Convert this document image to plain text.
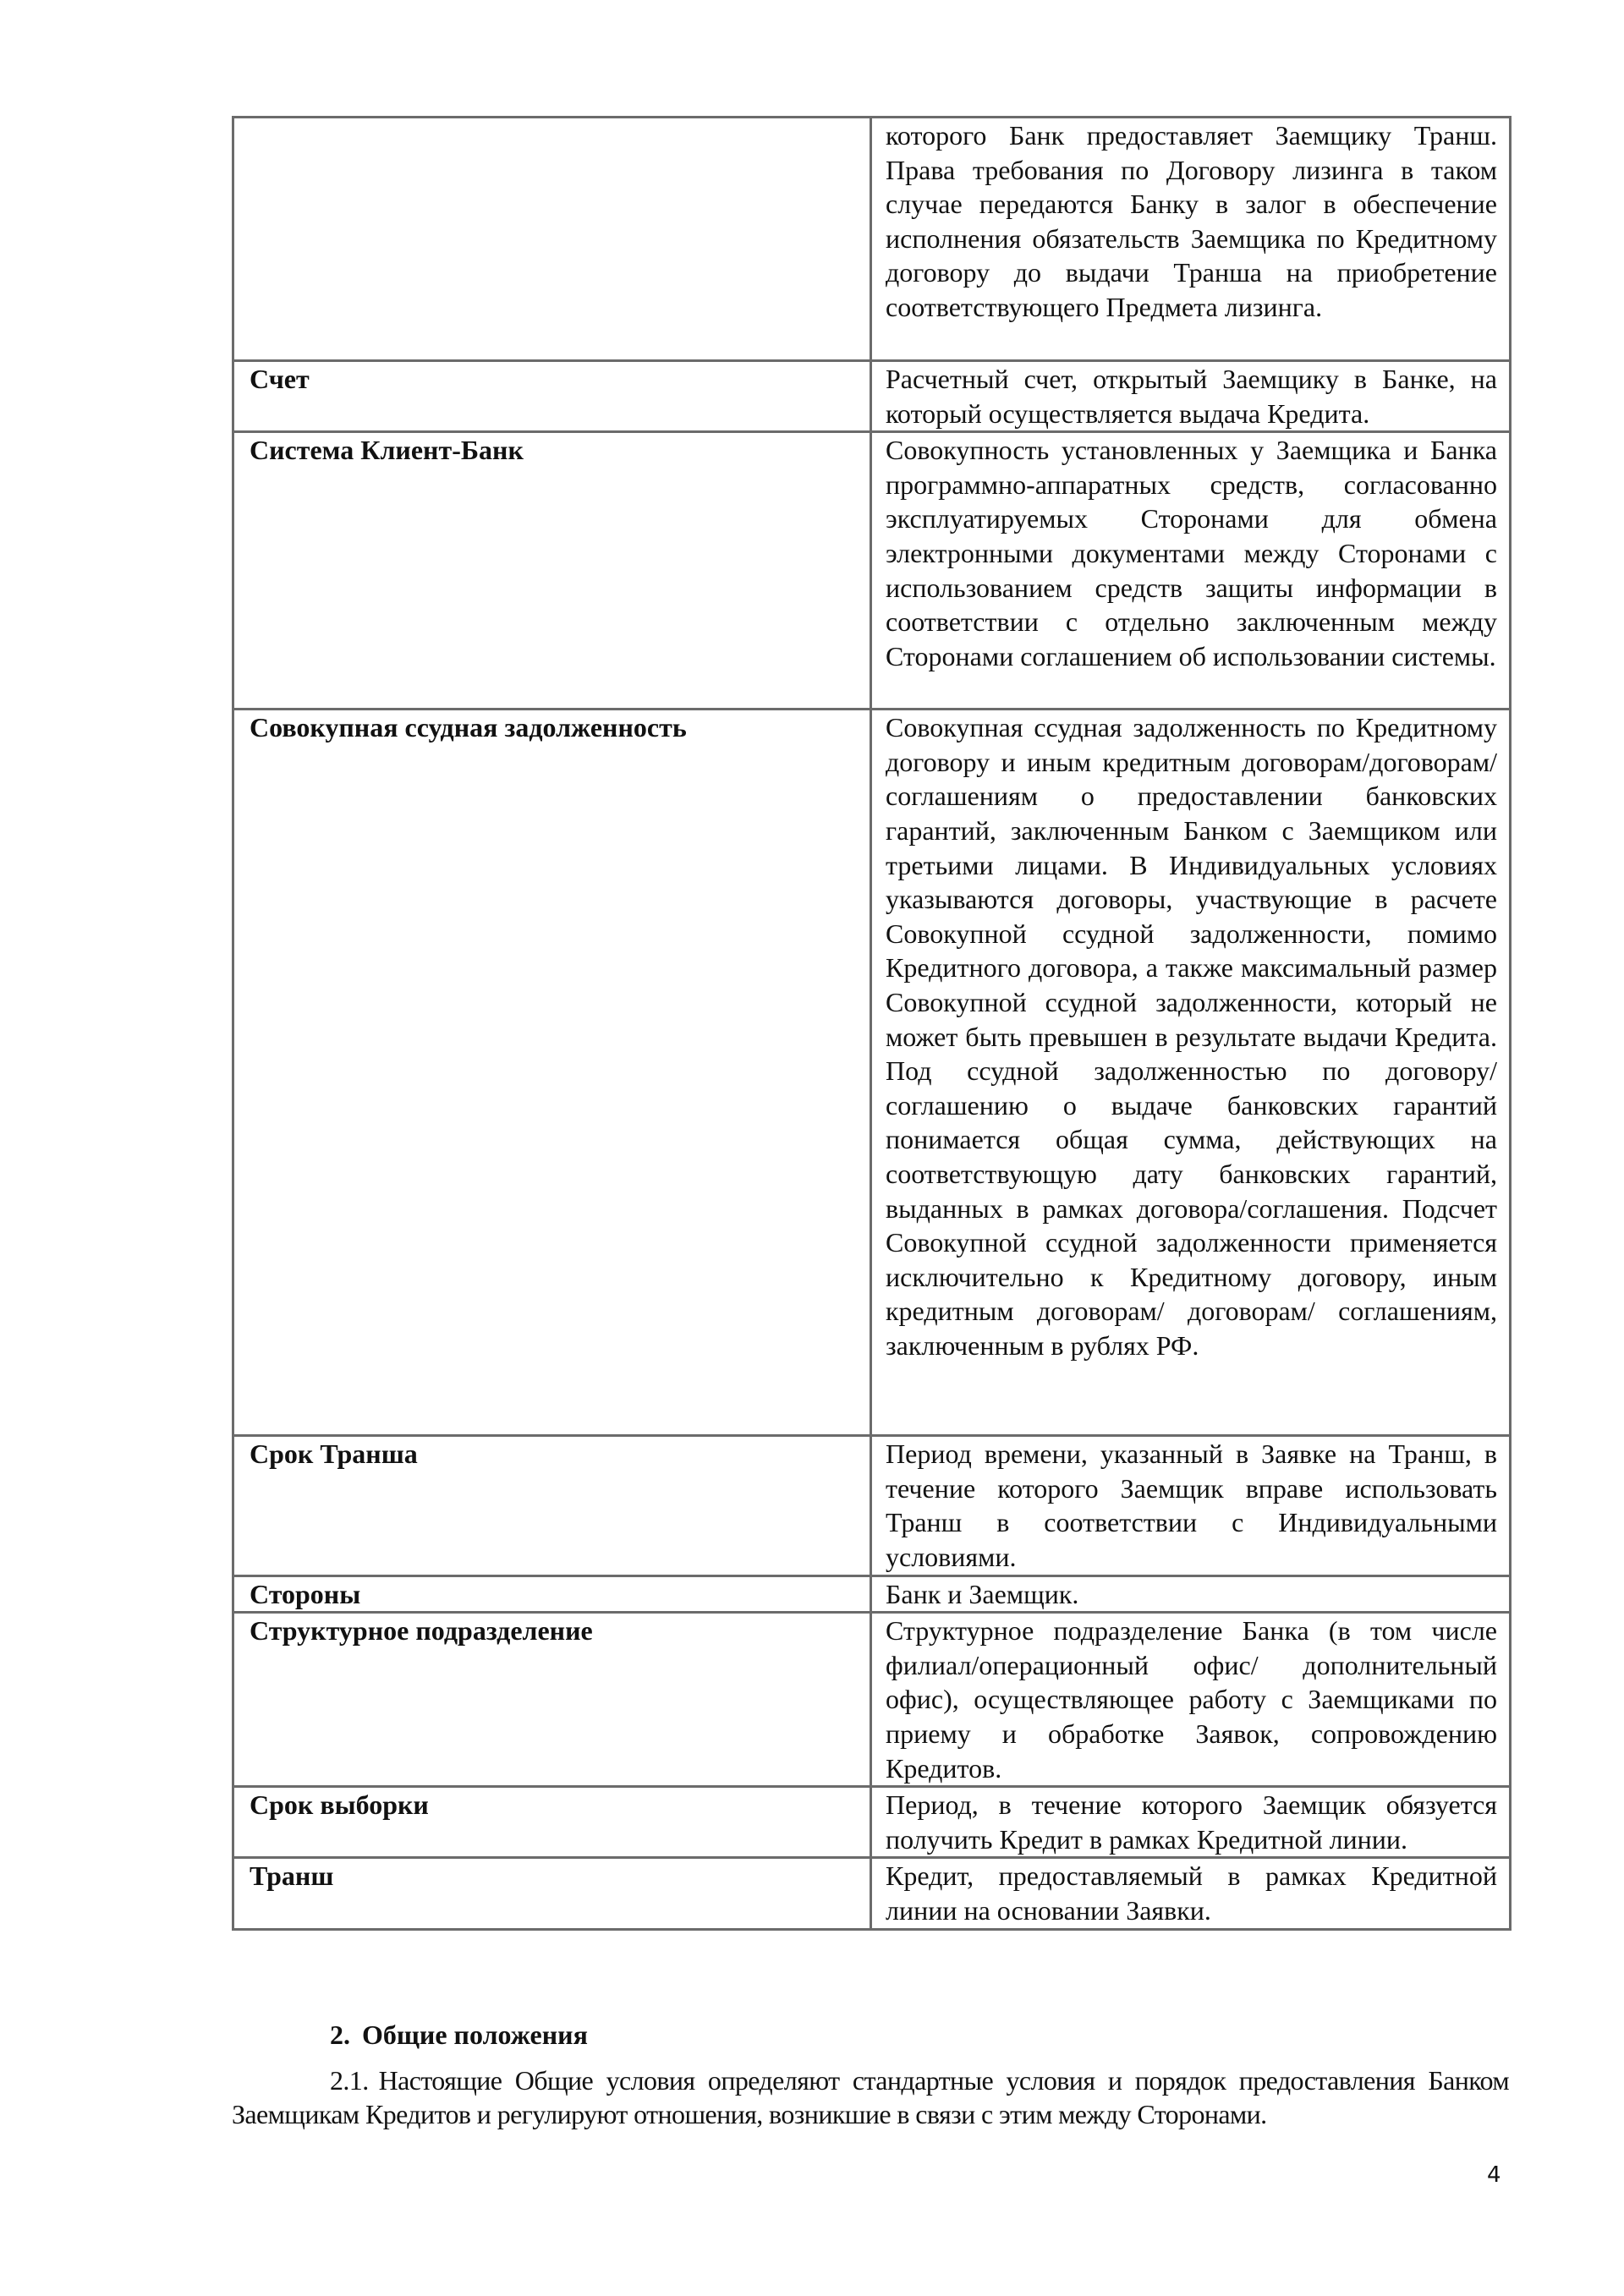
	которого Банк предоставляет Заемщику Транш. Права требования по Договору лизинга в таком случае передаются Банку в залог в обеспечение исполнения обязательств Заемщика по Кредитному договору до выдачи Транша на приобретение соответствующего Предмета лизинга.
Счет	Расчетный счет, открытый Заемщику в Банке, на который осуществляется выдача Кредита.
Система Клиент-Банк	Совокупность установленных у Заемщика и Банка программно-аппаратных средств, согласованно эксплуатируемых Сторонами для обмена электронными документами между Сторонами с использованием средств защиты информации в соответствии с отдельно заключенным между Сторонами соглашением об использовании системы.
Совокупная ссудная задолженность	Совокупная ссудная задолженность по Кредитному договору и иным кредитным договорам/договорам/соглашениям о предоставлении банковских гарантий, заключенным Банком с Заемщиком или третьими лицами. В Индивидуальных условиях указываются договоры, участвующие в расчете Совокупной ссудной задолженности, помимо Кредитного договора, а также максимальный размер Совокупной ссудной задолженности, который не может быть превышен в результате выдачи Кредита. Под ссудной задолженностью по договору/соглашению о выдаче банковских гарантий понимается общая сумма, действующих на соответствующую дату банковских гарантий, выданных в рамках договора/соглашения. Подсчет Совокупной ссудной задолженности применяется исключительно к Кредитному договору, иным кредитным договорам/ договорам/ соглашениям, заключенным в рублях РФ.
Срок Транша	Период времени, указанный в Заявке на Транш, в течение которого Заемщик вправе использовать Транш в соответствии с Индивидуальными условиями.
Стороны	Банк и Заемщик.
Структурное подразделение	Структурное подразделение Банка (в том числе филиал/операционный офис/ дополнительный офис), осуществляющее работу с Заемщиками по приему и обработке Заявок, сопровождению Кредитов.
Срок выборки	Период, в течение которого Заемщик обязуется получить Кредит в рамках Кредитной линии.
Транш	Кредит, предоставляемый в рамках Кредитной линии на основании Заявки.
2. Общие положения

2.1. Настоящие Общие условия определяют стандартные условия и порядок предоставления Банком Заемщикам Кредитов и регулируют отношения, возникшие в связи с этим между Сторонами.

4
